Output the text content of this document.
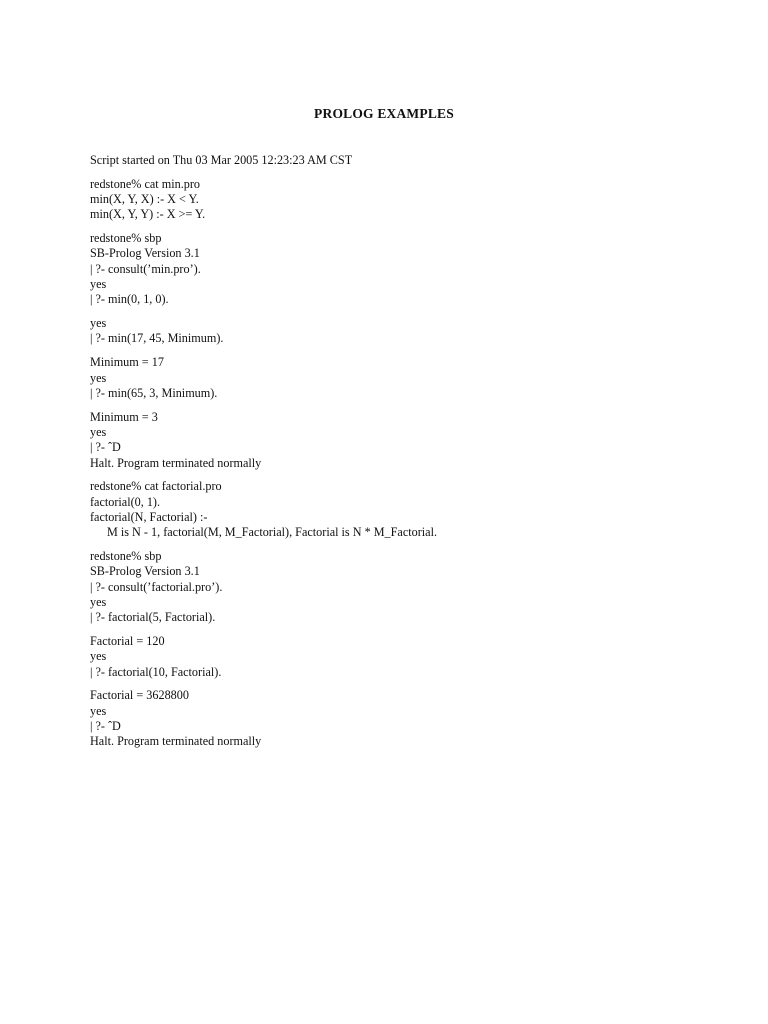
PROLOG EXAMPLES
Script started on Thu 03 Mar 2005 12:23:23 AM CST
redstone% cat min.pro
min(X, Y, X) :- X < Y.
min(X, Y, Y) :- X >= Y.
redstone% sbp
SB-Prolog Version 3.1
| ?- consult(’min.pro’).
yes
| ?- min(0, 1, 0).
yes
| ?- min(17, 45, Minimum).
Minimum = 17
yes
| ?- min(65, 3, Minimum).
Minimum = 3
yes
| ?- ˆD
Halt. Program terminated normally
redstone% cat factorial.pro
factorial(0, 1).
factorial(N, Factorial) :-
M is N - 1, factorial(M, M_Factorial), Factorial is N * M_Factorial.
redstone% sbp
SB-Prolog Version 3.1
| ?- consult(’factorial.pro’).
yes
| ?- factorial(5, Factorial).
Factorial = 120
yes
| ?- factorial(10, Factorial).
Factorial = 3628800
yes
| ?- ˆD
Halt. Program terminated normally
